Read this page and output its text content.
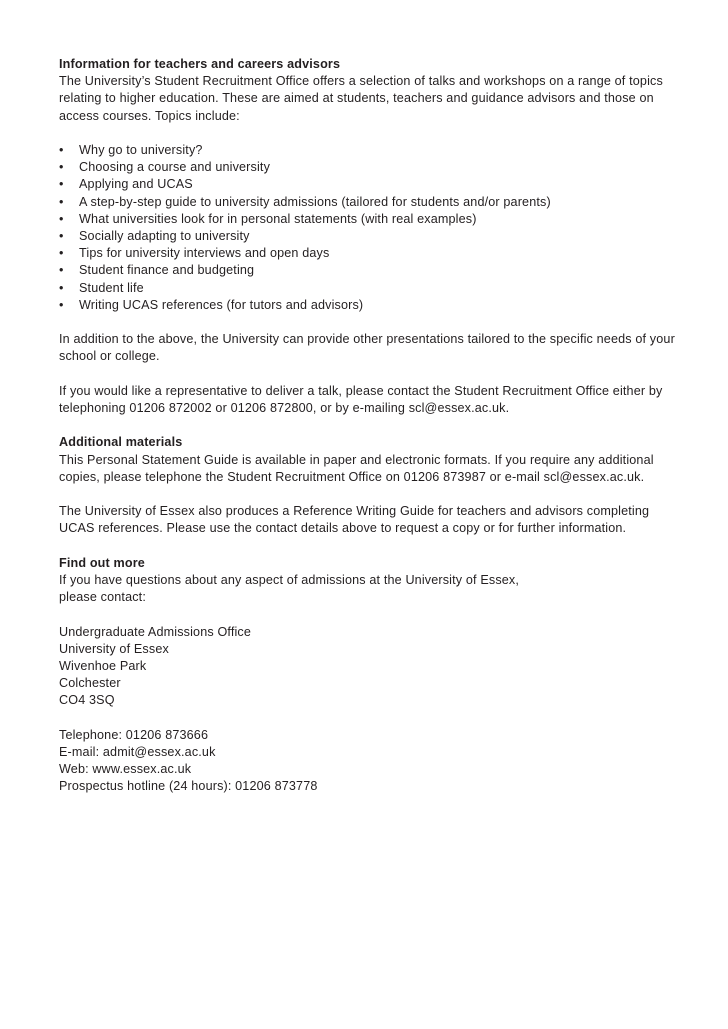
Information for teachers and careers advisors

The University’s Student Recruitment Office offers a selection of talks and workshops on a range of topics relating to higher education. These are aimed at students, teachers and guidance advisors and those on access courses. Topics include:

• Why go to university?
• Choosing a course and university
• Applying and UCAS
• A step-by-step guide to university admissions (tailored for students and/or parents)
• What universities look for in personal statements (with real examples)
• Socially adapting to university
• Tips for university interviews and open days
• Student finance and budgeting
• Student life
• Writing UCAS references (for tutors and advisors)

In addition to the above, the University can provide other presentations tailored to the specific needs of your school or college.

If you would like a representative to deliver a talk, please contact the Student Recruitment Office either by telephoning 01206 872002 or 01206 872800, or by e-mailing scl@essex.ac.uk.

Additional materials

This Personal Statement Guide is available in paper and electronic formats. If you require any additional copies, please telephone the Student Recruitment Office on 01206 873987 or e-mail scl@essex.ac.uk.

The University of Essex also produces a Reference Writing Guide for teachers and advisors completing UCAS references. Please use the contact details above to request a copy or for further information.

Find out more

If you have questions about any aspect of admissions at the University of Essex,
please contact:

Undergraduate Admissions Office
University of Essex
Wivenhoe Park
Colchester
CO4 3SQ
Telephone: 01206 873666
E-mail: admit@essex.ac.uk
Web: www.essex.ac.uk
Prospectus hotline (24 hours): 01206 873778
